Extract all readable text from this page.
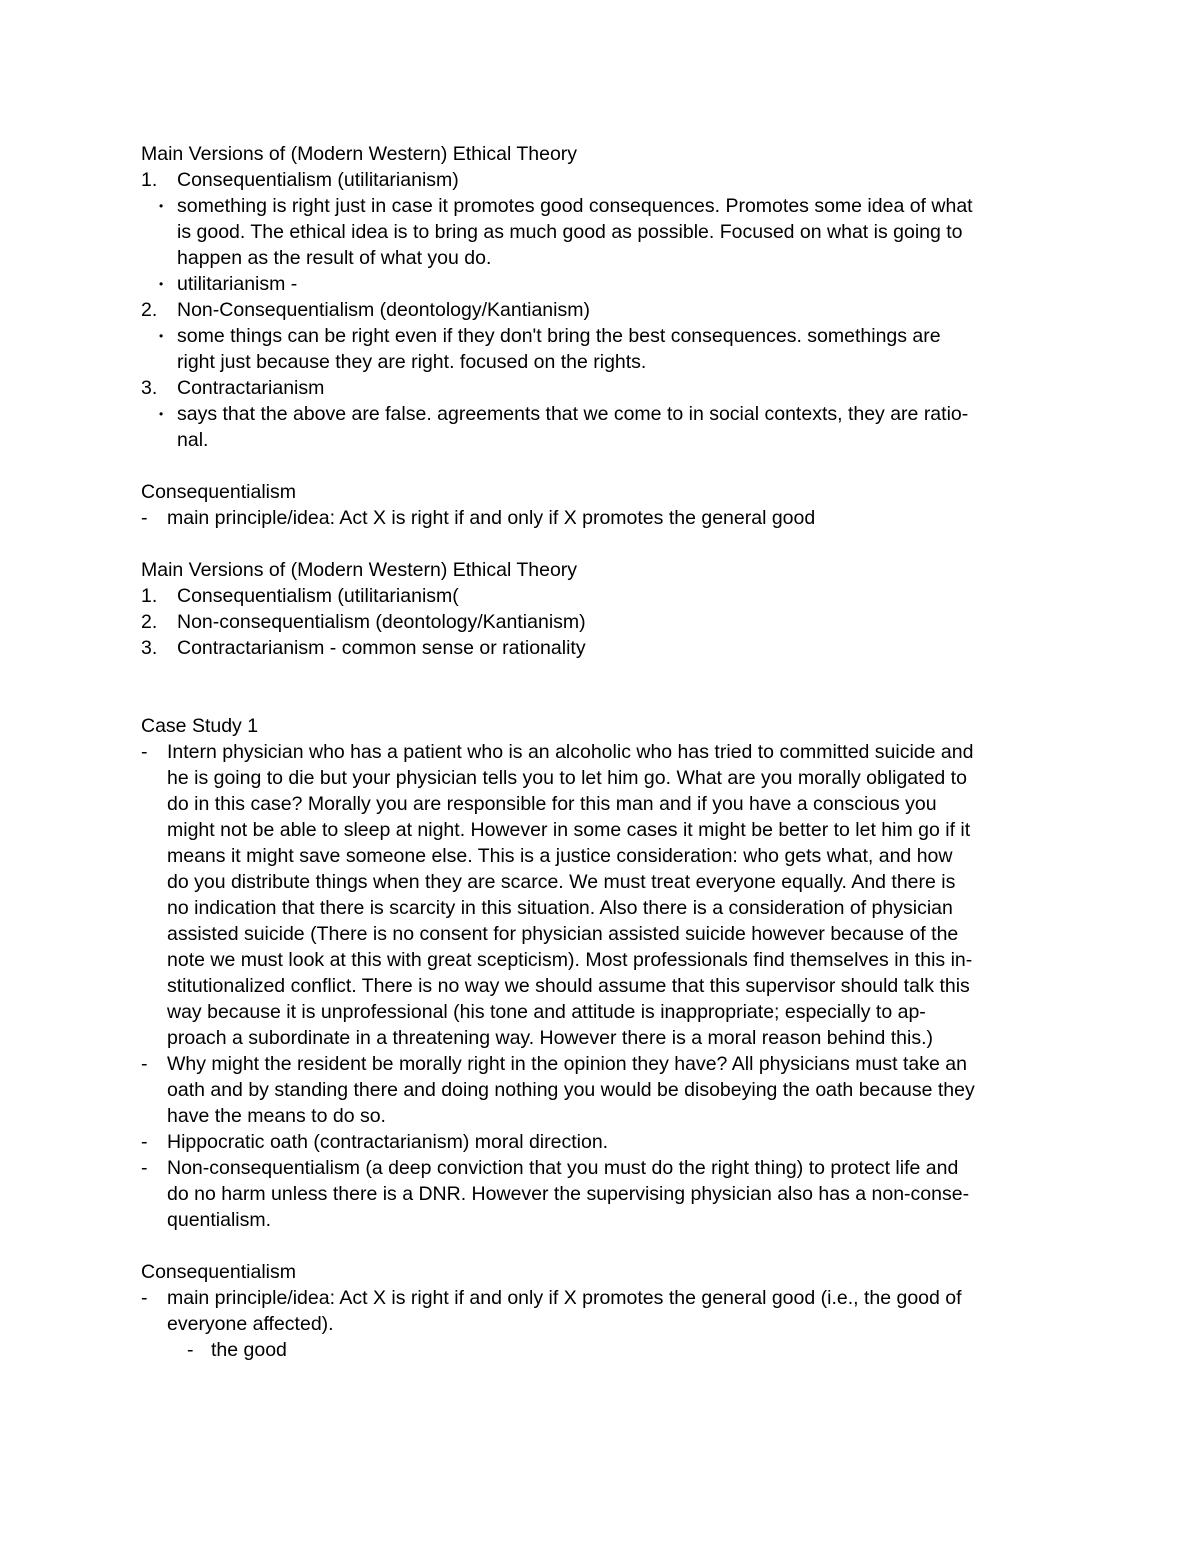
Main Versions of (Modern Western) Ethical Theory
1. Consequentialism (utilitarianism)
• something is right just in case it promotes good consequences. Promotes some idea of what
is good. The ethical idea is to bring as much good as possible. Focused on what is going to
happen as the result of what you do.
• utilitarianism -
2. Non-Consequentialism (deontology/Kantianism)
• some things can be right even if they don't bring the best consequences. somethings are
right just because they are right. focused on the rights.
3. Contractarianism
• says that the above are false. agreements that we come to in social contexts, they are ratio-
nal.
Consequentialism
- main principle/idea: Act X is right if and only if X promotes the general good
Main Versions of (Modern Western) Ethical Theory
1. Consequentialism (utilitarianism(
2. Non-consequentialism (deontology/Kantianism)
3. Contractarianism - common sense or rationality
Case Study 1
- Intern physician who has a patient who is an alcoholic who has tried to committed suicide and
he is going to die but your physician tells you to let him go. What are you morally obligated to
do in this case? Morally you are responsible for this man and if you have a conscious you
might not be able to sleep at night. However in some cases it might be better to let him go if it
means it might save someone else. This is a justice consideration: who gets what, and how
do you distribute things when they are scarce. We must treat everyone equally. And there is
no indication that there is scarcity in this situation. Also there is a consideration of physician
assisted suicide (There is no consent for physician assisted suicide however because of the
note we must look at this with great scepticism). Most professionals find themselves in this in-
stitutionalized conflict. There is no way we should assume that this supervisor should talk this
way because it is unprofessional (his tone and attitude is inappropriate; especially to ap-
proach a subordinate in a threatening way. However there is a moral reason behind this.)
- Why might the resident be morally right in the opinion they have? All physicians must take an
oath and by standing there and doing nothing you would be disobeying the oath because they
have the means to do so.
- Hippocratic oath (contractarianism) moral direction.
- Non-consequentialism (a deep conviction that you must do the right thing) to protect life and
do no harm unless there is a DNR. However the supervising physician also has a non-conse-
quentialism.
Consequentialism
- main principle/idea: Act X is right if and only if X promotes the general good (i.e., the good of
everyone affected).
- the good
